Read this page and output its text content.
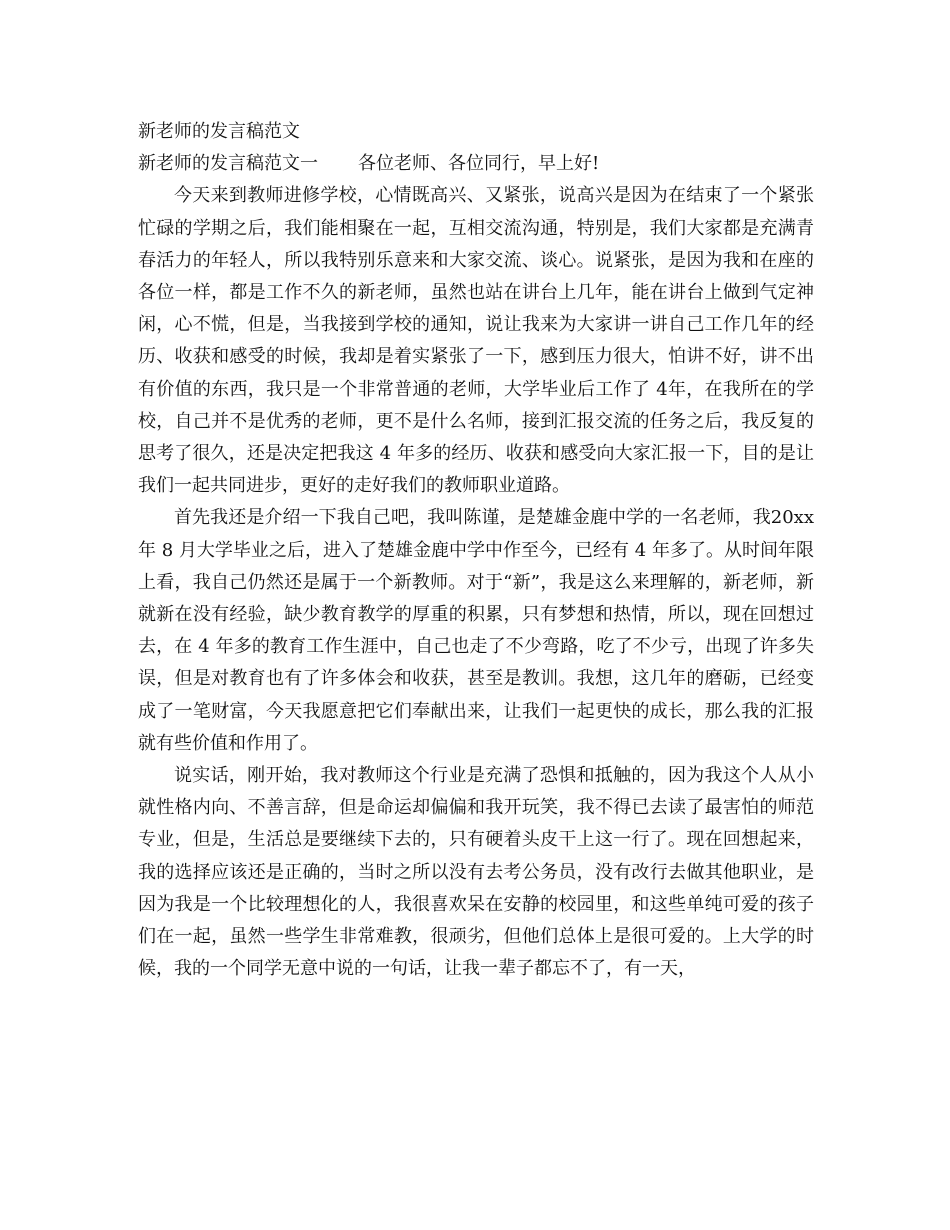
新老师的发言稿范文

新老师的发言稿范文一 各位老师、各位同行，早上好!

今天来到教师进修学校，心情既高兴、又紧张，说高兴是因为在结束了一个紧张忙碌的学期之后，我们能相聚在一起，互相交流沟通，特别是，我们大家都是充满青春活力的年轻人，所以我特别乐意来和大家交流、谈心。说紧张，是因为我和在座的各位一样，都是工作不久的新老师，虽然也站在讲台上几年，能在讲台上做到气定神闲，心不慌，但是，当我接到学校的通知，说让我来为大家讲一讲自己工作几年的经历、收获和感受的时候，我却是着实紧张了一下，感到压力很大，怕讲不好，讲不出有价值的东西，我只是一个非常普通的老师，大学毕业后工作了 4年，在我所在的学校，自己并不是优秀的老师，更不是什么名师，接到汇报交流的任务之后，我反复的思考了很久，还是决定把我这 4 年多的经历、收获和感受向大家汇报一下，目的是让我们一起共同进步，更好的走好我们的教师职业道路。

首先我还是介绍一下我自己吧，我叫陈谨，是楚雄金鹿中学的一名老师，我20xx 年 8 月大学毕业之后，进入了楚雄金鹿中学中作至今，已经有 4 年多了。从时间年限上看，我自己仍然还是属于一个新教师。对于“新”，我是这么来理解的，新老师，新就新在没有经验，缺少教育教学的厚重的积累，只有梦想和热情，所以，现在回想过去，在 4 年多的教育工作生涯中，自己也走了不少弯路，吃了不少亏，出现了许多失误，但是对教育也有了许多体会和收获，甚至是教训。我想，这几年的磨砺，已经变成了一笔财富，今天我愿意把它们奉献出来，让我们一起更快的成长，那么我的汇报就有些价值和作用了。

说实话，刚开始，我对教师这个行业是充满了恐惧和抵触的，因为我这个人从小就性格内向、不善言辞，但是命运却偏偏和我开玩笑，我不得已去读了最害怕的师范专业，但是，生活总是要继续下去的，只有硬着头皮干上这一行了。现在回想起来，我的选择应该还是正确的，当时之所以没有去考公务员，没有改行去做其他职业，是因为我是一个比较理想化的人，我很喜欢呆在安静的校园里，和这些单纯可爱的孩子们在一起，虽然一些学生非常难教，很顽劣，但他们总体上是很可爱的。上大学的时候，我的一个同学无意中说的一句话，让我一辈子都忘不了，有一天，
